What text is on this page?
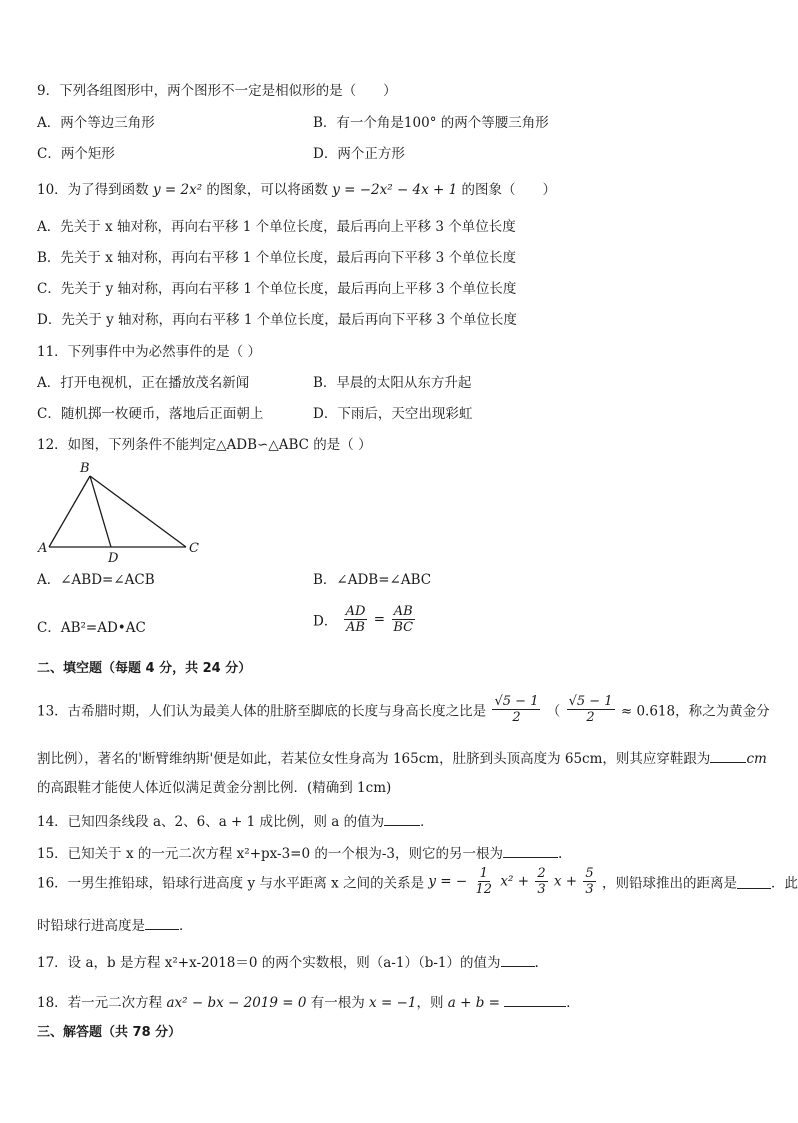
9．下列各组图形中，两个图形不一定是相似形的是（　　）
A．两个等边三角形	B．有一个角是100° 的两个等腰三角形
C．两个矩形	D．两个正方形
10．为了得到函数 y = 2x² 的图象，可以将函数 y = −2x² − 4x + 1 的图象（　　）
A．先关于 x 轴对称，再向右平移 1 个单位长度，最后再向上平移 3 个单位长度
B．先关于 x 轴对称，再向右平移 1 个单位长度，最后再向下平移 3 个单位长度
C．先关于 y 轴对称，再向右平移 1 个单位长度，最后再向上平移 3 个单位长度
D．先关于 y 轴对称，再向右平移 1 个单位长度，最后再向下平移 3 个单位长度
11．下列事件中为必然事件的是（ ）
A．打开电视机，正在播放茂名新闻	B．早晨的太阳从东方升起
C．随机掷一枚硬币，落地后正面朝上	D．下雨后，天空出现彩虹
12．如图，下列条件不能判定△ADB∽△ABC 的是（ ）
B
A
D
C
A．∠ABD=∠ACB	B．∠ADB=∠ABC
C．AB²=AD•AC	D． $\frac{AD}{AB} = \frac{AB}{BC}$
二、填空题（每题 4 分，共 24 分）
13．古希腊时期，人们认为最美人体的肚脐至脚底的长度与身高长度之比是 $\frac{√5 - 1}{2}$ （ $\frac{√5 - 1}{2} \approx 0.618$，称之为黄金分
割比例），著名的'断臂维纳斯'便是如此，若某位女性身高为 165cm，肚脐到头顶高度为 65cm，则其应穿鞋跟为	cm
的高跟鞋才能使人体近似满足黄金分割比例．(精确到 1cm)
14．已知四条线段 a、2、6、a + 1 成比例，则 a 的值为	．
15．已知关于 x 的一元二次方程 x²+px-3=0 的一个根为-3，则它的另一根为	.
16．一男生推铅球，铅球行进高度 y 与水平距离 x 之间的关系是 y = − $\frac{1}{12} x^2 + \frac{2}{3}$ $x + \frac{5}{3}$ ，则铅球推出的距离是	．此
时铅球行进高度是	．
17．设 a，b 是方程 x²+x-2018＝0 的两个实数根，则（a-1）（b-1）的值为	.
18．若一元二次方程 ax² − bx − 2019 = 0 有一根为 x = −1，则 a + b =	．
三、解答题（共 78 分）
